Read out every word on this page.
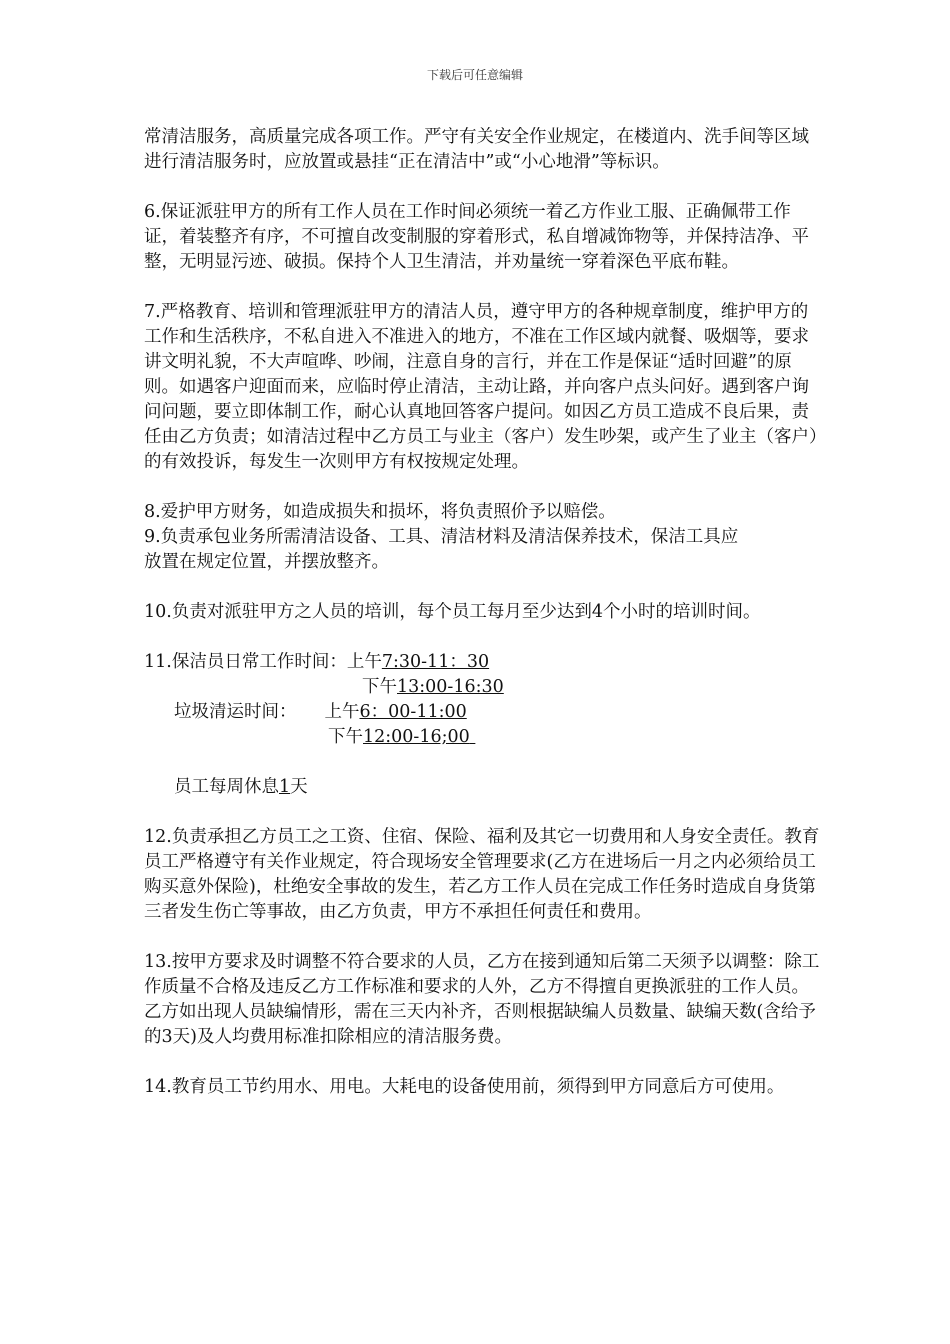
下载后可任意编辑

常清洁服务，高质量完成各项工作。严守有关安全作业规定，在楼道内、洗手间等区域进行清洁服务时，应放置或悬挂“正在清洁中”或“小心地滑”等标识。

6.保证派驻甲方的所有工作人员在工作时间必须统一着乙方作业工服、正确佩带工作证，着装整齐有序，不可擅自改变制服的穿着形式，私自增减饰物等，并保持洁净、平整，无明显污迹、破损。保持个人卫生清洁，并劝量统一穿着深色平底布鞋。

7.严格教育、培训和管理派驻甲方的清洁人员，遵守甲方的各种规章制度，维护甲方的工作和生活秩序，不私自进入不准进入的地方，不准在工作区域内就餐、吸烟等，要求讲文明礼貌，不大声喧哗、吵闹，注意自身的言行，并在工作是保证“适时回避”的原则。如遇客户迎面而来，应临时停止清洁，主动让路，并向客户点头问好。遇到客户询问问题，要立即体制工作，耐心认真地回答客户提问。如因乙方员工造成不良后果，责任由乙方负责；如清洁过程中乙方员工与业主（客户）发生吵架，或产生了业主（客户）的有效投诉，每发生一次则甲方有权按规定处理。

8.爱护甲方财务，如造成损失和损坏，将负责照价予以赔偿。

9.负责承包业务所需清洁设备、工具、清洁材料及清洁保养技术，保洁工具应

放置在规定位置，并摆放整齐。

10.负责对派驻甲方之人员的培训，每个员工每月至少达到4个小时的培训时间。

11.保洁员日常工作时间：上午7:30-11：30
下午13:00-16:30
垃圾清运时间： 上午6：00-11:00
下午12:00-16;00
员工每周休息1天

12.负责承担乙方员工之工资、住宿、保险、福利及其它一切费用和人身安全责任。教育员工严格遵守有关作业规定，符合现场安全管理要求(乙方在进场后一月之内必须给员工购买意外保险)，杜绝安全事故的发生，若乙方工作人员在完成工作任务时造成自身货第三者发生伤亡等事故，由乙方负责，甲方不承担任何责任和费用。

13.按甲方要求及时调整不符合要求的人员，乙方在接到通知后第二天须予以调整：除工作质量不合格及违反乙方工作标准和要求的人外，乙方不得擅自更换派驻的工作人员。乙方如出现人员缺编情形，需在三天内补齐，否则根据缺编人员数量、缺编天数(含给予的3天)及人均费用标准扣除相应的清洁服务费。

14.教育员工节约用水、用电。大耗电的设备使用前，须得到甲方同意后方可使用。
